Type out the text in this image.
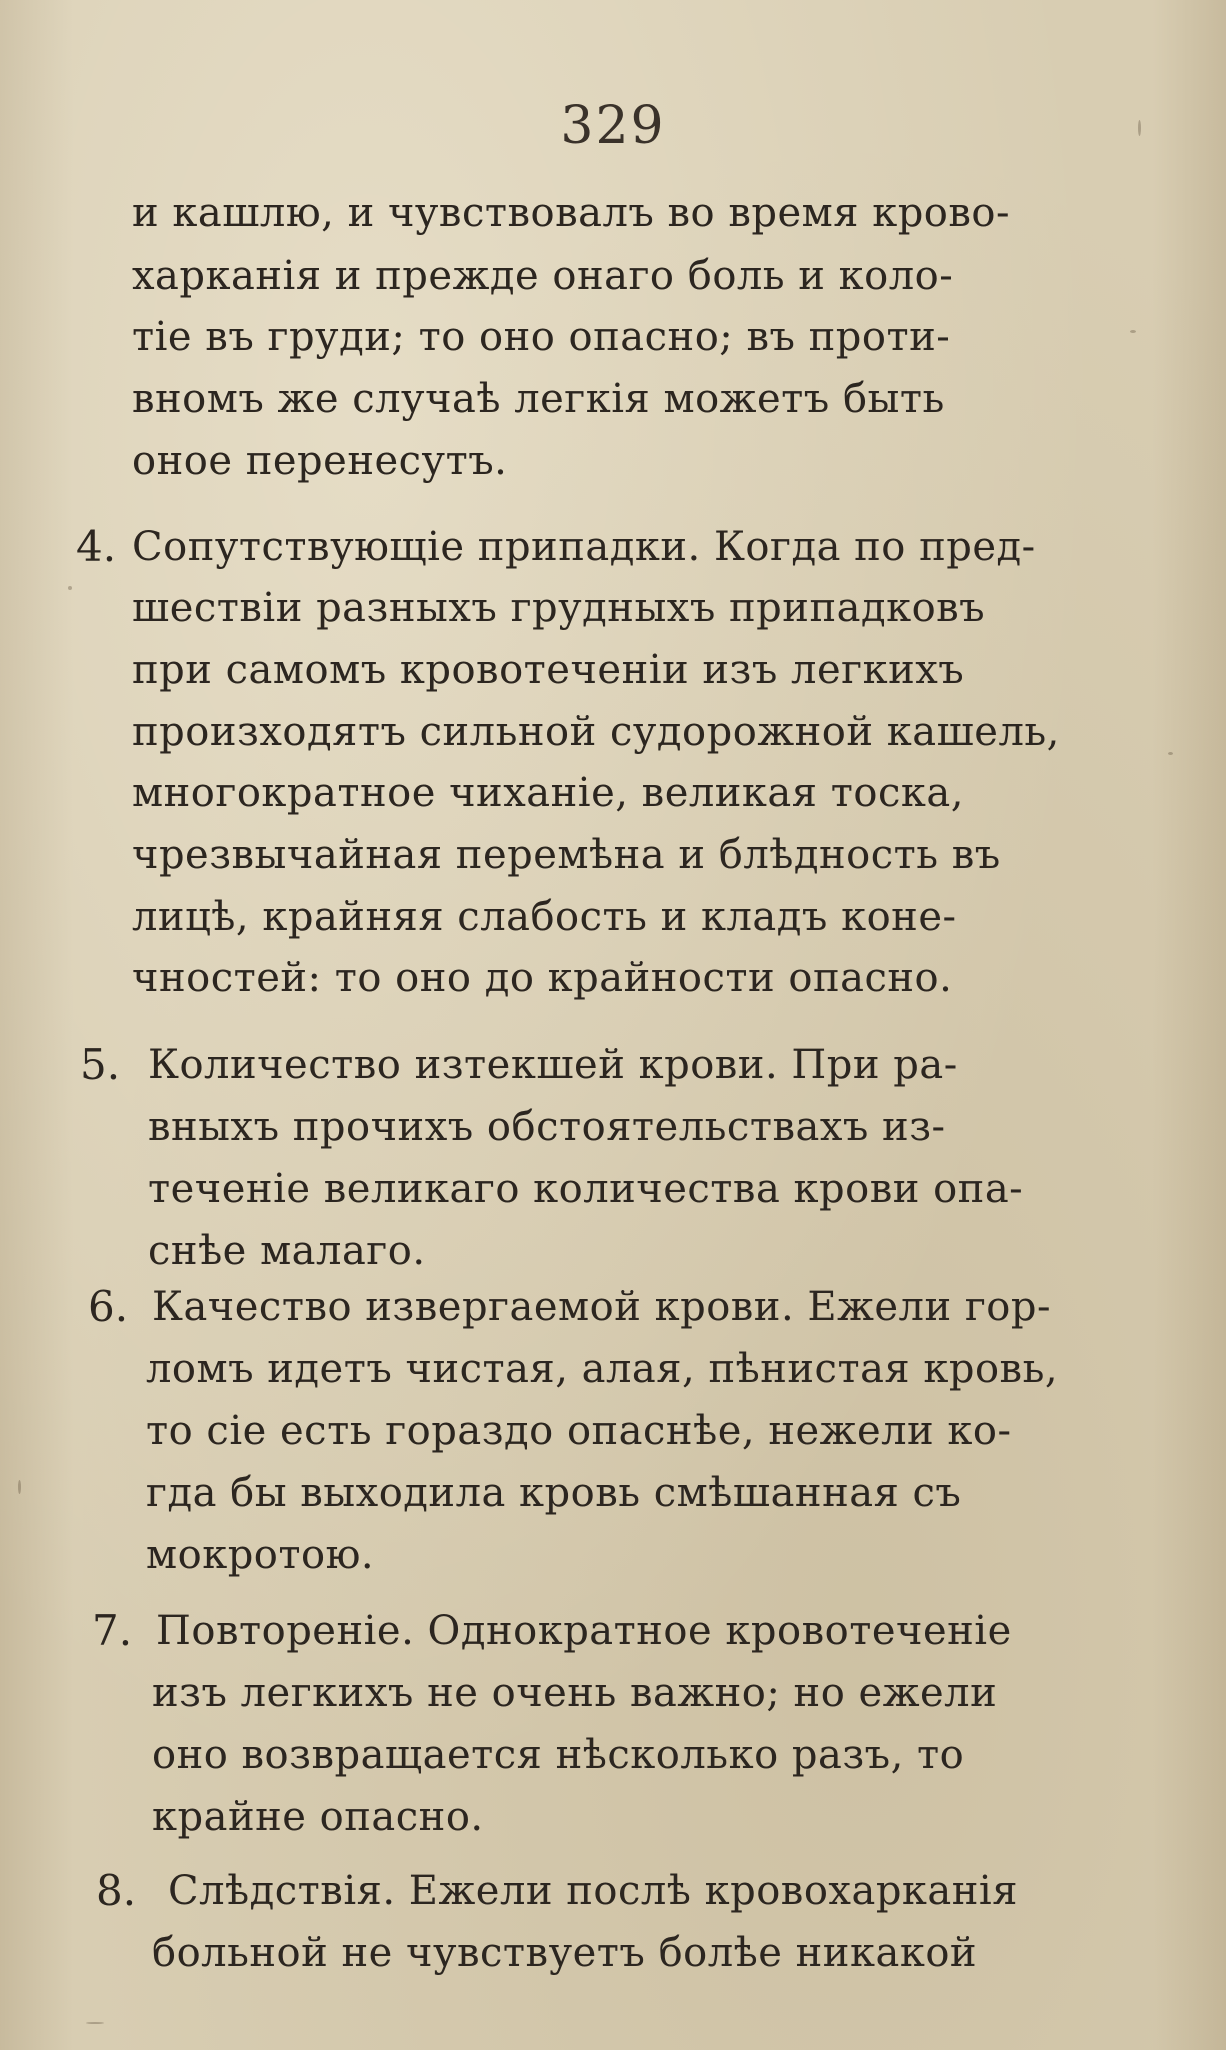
329
и кашлю, и чувствовалъ во время крово-
харканія и прежде онаго боль и коло-
тіе въ груди; то оно опасно; въ проти-
вномъ же случаѣ легкія можетъ быть
оное перенесутъ.
4. Сопутствующіе припадки. Когда по пред-
шествіи разныхъ грудныхъ припадковъ
при самомъ кровотеченіи изъ легкихъ
произходятъ сильной судорожной кашель,
многократное чиханіе, великая тоска,
чрезвычайная перемѣна и блѣдность въ
лицѣ, крайняя слабость и кладъ коне-
чностей: то оно до крайности опасно.
5. Количество изтекшей крови. При ра-
вныхъ прочихъ обстоятельствахъ из-
теченіе великаго количества крови опа-
снѣе малаго.
6. Качество извергаемой крови. Ежели гор-
ломъ идетъ чистая, алая, пѣнистая кровь,
то сіе есть гораздо опаснѣе, нежели ко-
гда бы выходила кровь смѣшанная съ
мокротою.
7. Повтореніе. Однократное кровотеченіе
изъ легкихъ не очень важно; но ежели
оно возвращается нѣсколько разъ, то
крайне опасно.
8. Слѣдствія. Ежели послѣ кровохарканія
больной не чувствуетъ болѣе никакой
